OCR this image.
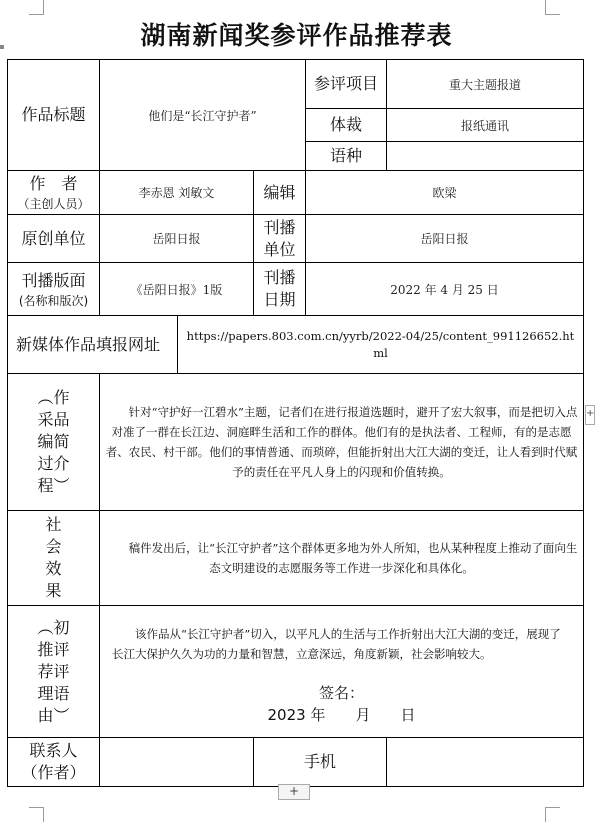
湖南新闻奖参评作品推荐表
作品标题	他们是“长江守护者”			参评项目	重大主题报道
				体裁	报纸通讯
				语种	

作　者
（主创人员）	李赤恩 刘敏文		编辑	欧梁	
原创单位	岳阳日报		刊播单位	岳阳日报	

刊播版面
(名称和版次)	《岳阳日报》1版		刊播日期	2022 年 4 月 25 日	
新媒体作品填报网址		https://papers.803.com.cn/yyrb/2022-04/25/content_991126652.html			

︵作采品编简过介程︶	针对“守护好一江碧水”主题，记者们在进行报道选题时，避开了宏大叙事，而是把切入点对准了一群在长江边、洞庭畔生活和工作的群体。他们有的是执法者、工程师，有的是志愿者、农民、村干部。他们的事情普通、而琐碎，但能折射出大江大湖的变迁，让人看到时代赋予的责任在平凡人身上的闪现和价值转换。				

社会效果	稿件发出后，让“长江守护者”这个群体更多地为外人所知，也从某种程度上推动了面向生态文明建设的志愿服务等工作进一步深化和具体化。				

︵初推评荐评理语由︶	该作品从“长江守护者”切入，以平凡人的生活与工作折射出大江大湖的变迁，展现了长江大保护久久为功的力量和智慧，立意深远，角度新颖，社会影响较大。
签名：
2023 年　　月　　日				

联系人（作者）			手机		
+
+
